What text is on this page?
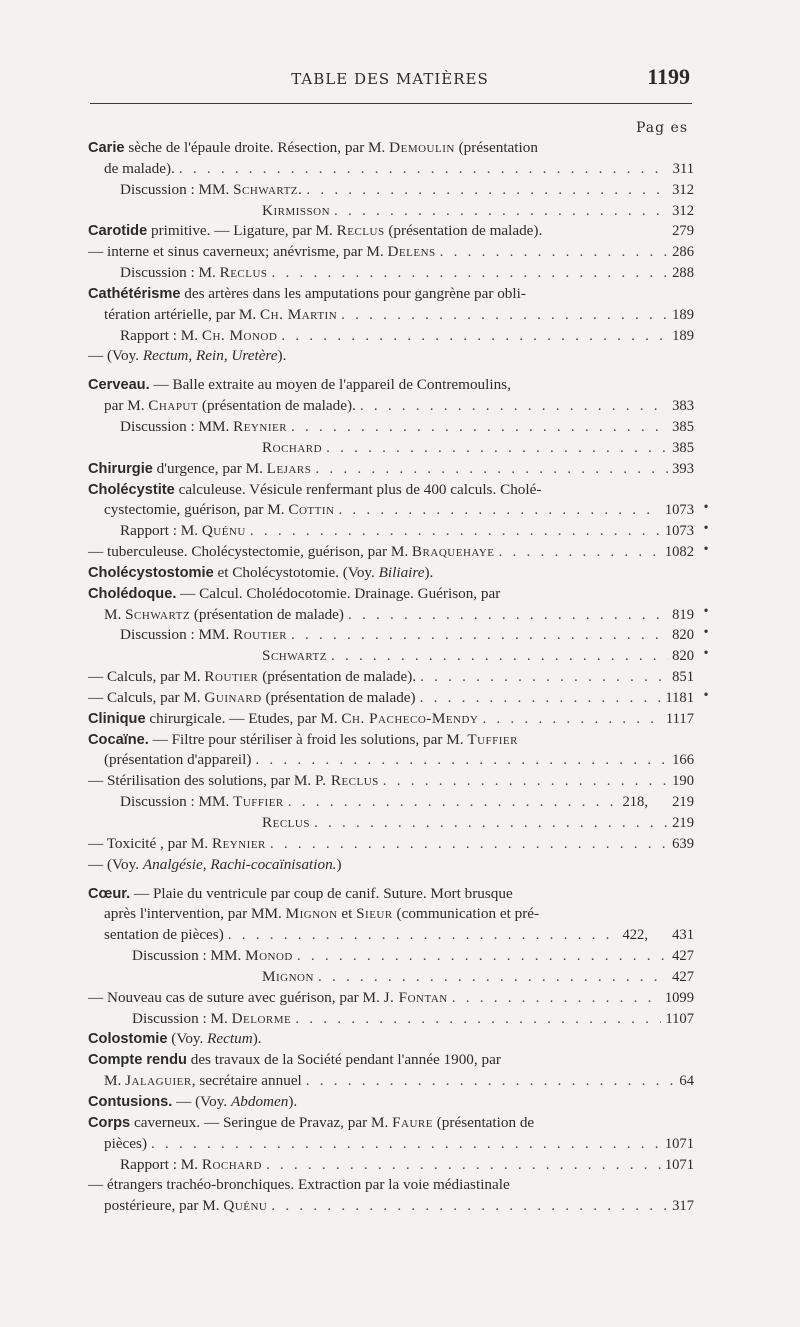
TABLE DES MATIÈRES	1199
Pag es
Carie sèche de l'épaule droite. Résection, par M. Demoulin (présentation
de malade). . . .	311
Discussion : MM. Schwartz. . . .	312
Kirmisson . . .	312
Carotide primitive. — Ligature, par M. Reclus (présentation de malade).	279
— interne et sinus caverneux; anévrisme, par M. Delens . . .	286
Discussion : M. Reclus . . .	288
Cathétérisme des artères dans les amputations pour gangrène par obli-
tération artérielle, par M. Ch. Martin . . .	189
Rapport : M. Ch. Monod . . .	189
— (Voy. Rectum, Rein, Uretère).
Cerveau. — Balle extraite au moyen de l'appareil de Contremoulins,
par M. Chaput (présentation de malade). . . .	383
Discussion : MM. Reynier . . .	385
Rochard . . .	385
Chirurgie d'urgence, par M. Lejars . . .	393
Cholécystite calculeuse. Vésicule renfermant plus de 400 calculs. Cholé-
cystectomie, guérison, par M. Cottin . . .	1073
Rapport : M. Quénu . . .	1073
— tuberculeuse. Cholécystectomie, guérison, par M. Braquehaye . . .	1082
Cholécystostomie et Cholécystotomie. (Voy. Biliaire).
Cholédoque. — Calcul. Cholédocotomie. Drainage. Guérison, par
M. Schwartz (présentation de malade) . . .	819
Discussion : MM. Routier . . .	820
Schwartz . . .	820
— Calculs, par M. Routier (présentation de malade). . . .	851
— Calculs, par M. Guinard (présentation de malade) . . .	1181
Clinique chirurgicale. — Etudes, par M. Ch. Pacheco-Mendy . . .	1117
Cocaïne. — Filtre pour stériliser à froid les solutions, par M. Tuffier
(présentation d'appareil) . . .	166
— Stérilisation des solutions, par M. P. Reclus . . .	190
Discussion : MM. Tuffier . . .	218,	219
Reclus . . .	219
— Toxicité , par M. Reynier . . .	639
— (Voy. Analgésie, Rachi-cocaïnisation.)
Cœur. — Plaie du ventricule par coup de canif. Suture. Mort brusque
après l'intervention, par MM. Mignon et Sieur (communication et pré-
sentation de pièces) . . .	422,	431
Discussion : MM. Monod . . .	427
Mignon . . .	427
— Nouveau cas de suture avec guérison, par M. J. Fontan . . .	1099
Discussion : M. Delorme . . .	1107
Colostomie (Voy. Rectum).
Compte rendu des travaux de la Société pendant l'année 1900, par
M. Jalaguier, secrétaire annuel . . .	64
Contusions. — (Voy. Abdomen).
Corps caverneux. — Seringue de Pravaz, par M. Faure (présentation de
pièces) . . .	1071
Rapport : M. Rochard . . .	1071
— étrangers trachéo-bronchiques. Extraction par la voie médiastinale
postérieure, par M. Quénu . . .	317
•
•
•
•
•
•
•
